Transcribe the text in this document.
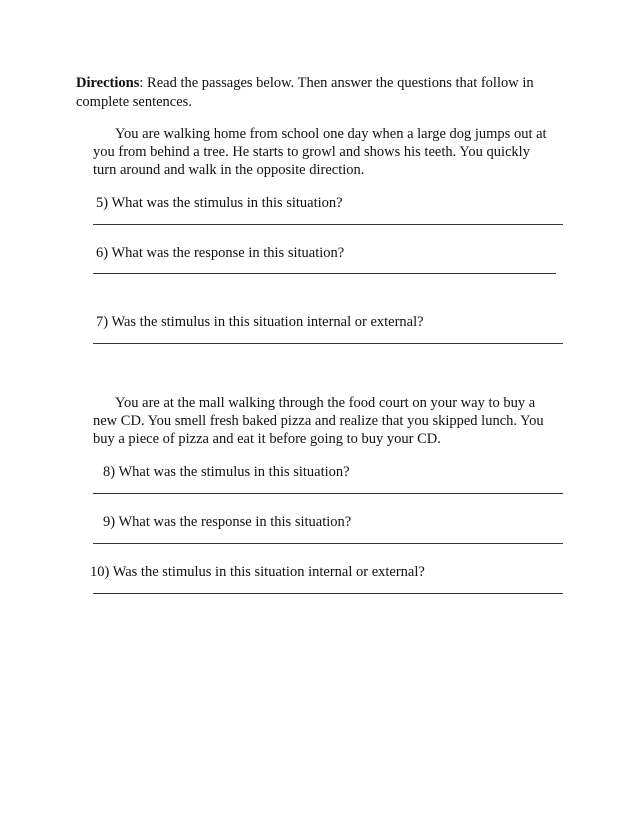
Directions: Read the passages below. Then answer the questions that follow in
complete sentences.
You are walking home from school one day when a large dog jumps out at
you from behind a tree. He starts to growl and shows his teeth. You quickly
turn around and walk in the opposite direction.
5) What was the stimulus in this situation?
6) What was the response in this situation?
7) Was the stimulus in this situation internal or external?
You are at the mall walking through the food court on your way to buy a
new CD. You smell fresh baked pizza and realize that you skipped lunch. You
buy a piece of pizza and eat it before going to buy your CD.
8) What was the stimulus in this situation?
9) What was the response in this situation?
10) Was the stimulus in this situation internal or external?
